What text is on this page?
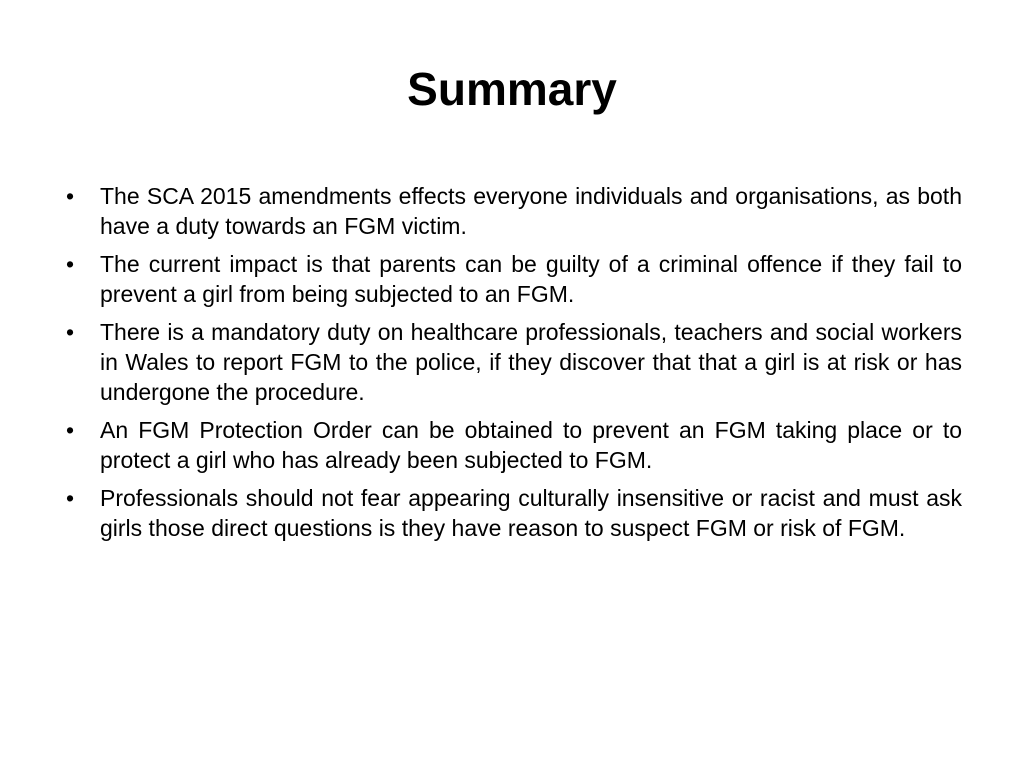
Summary
• The SCA 2015 amendments effects everyone individuals and organisations, as both have a duty towards an FGM victim.
• The current impact is that parents can be guilty of a criminal offence if they fail to prevent a girl from being subjected to an FGM.
• There is a mandatory duty on healthcare professionals, teachers and social workers in Wales to report FGM to the police, if they discover that that a girl is at risk or has undergone the procedure.
• An FGM Protection Order can be obtained to prevent an FGM taking place or to protect a girl who has already been subjected to FGM.
• Professionals should not fear appearing culturally insensitive or racist and must ask girls those direct questions is they have reason to suspect FGM or risk of FGM.
